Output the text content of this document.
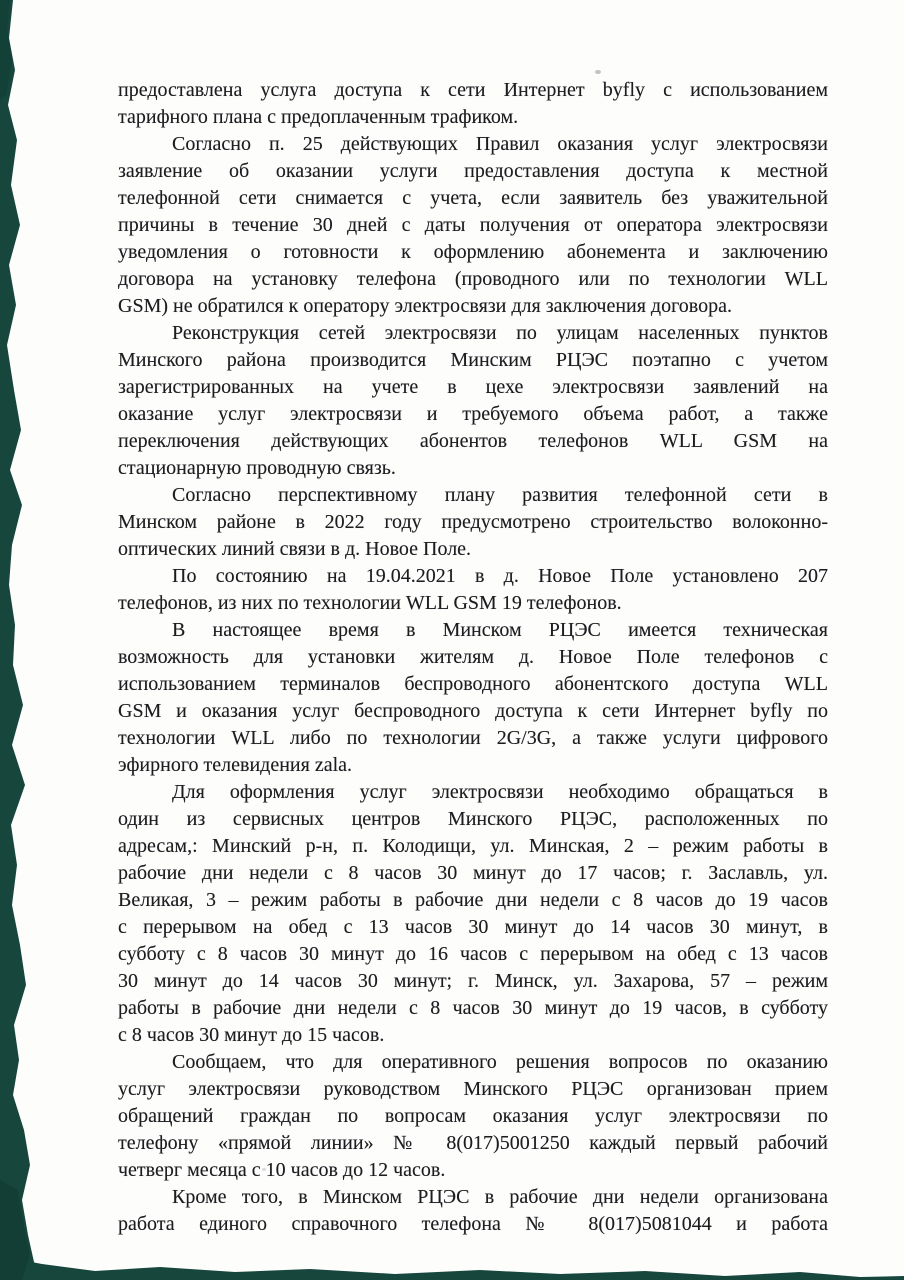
предоставлена услуга доступа к сети Интернет byfly с использованием
тарифного плана с предоплаченным трафиком.
Согласно п. 25 действующих Правил оказания услуг электросвязи
заявление об оказании услуги предоставления доступа к местной
телефонной сети снимается с учета, если заявитель без уважительной
причины в течение 30 дней с даты получения от оператора электросвязи
уведомления о готовности к оформлению абонемента и заключению
договора на установку телефона (проводного или по технологии WLL
GSM) не обратился к оператору электросвязи для заключения договора.
Реконструкция сетей электросвязи по улицам населенных пунктов
Минского района производится Минским РЦЭС поэтапно с учетом
зарегистрированных на учете в цехе электросвязи заявлений на
оказание услуг электросвязи и требуемого объема работ, а также
переключения действующих абонентов телефонов WLL GSM на
стационарную проводную связь.
Согласно перспективному плану развития телефонной сети в
Минском районе в 2022 году предусмотрено строительство волоконно-
оптических линий связи в д. Новое Поле.
По состоянию на 19.04.2021 в д. Новое Поле установлено 207
телефонов, из них по технологии WLL GSM 19 телефонов.
В настоящее время в Минском РЦЭС имеется техническая
возможность для установки жителям д. Новое Поле телефонов с
использованием терминалов беспроводного абонентского доступа WLL
GSM и оказания услуг беспроводного доступа к сети Интернет byfly по
технологии WLL либо по технологии 2G/3G, а также услуги цифрового
эфирного телевидения zala.
Для оформления услуг электросвязи необходимо обращаться в
один из сервисных центров Минского РЦЭС, расположенных по
адресам,: Минский р-н, п. Колодищи, ул. Минская, 2 – режим работы в
рабочие дни недели с 8 часов 30 минут до 17 часов; г. Заславль, ул.
Великая, 3 – режим работы в рабочие дни недели с 8 часов до 19 часов
с перерывом на обед с 13 часов 30 минут до 14 часов 30 минут, в
субботу с 8 часов 30 минут до 16 часов с перерывом на обед с 13 часов
30 минут до 14 часов 30 минут; г. Минск, ул. Захарова, 57 – режим
работы в рабочие дни недели с 8 часов 30 минут до 19 часов, в субботу
с 8 часов 30 минут до 15 часов.
Сообщаем, что для оперативного решения вопросов по оказанию
услуг электросвязи руководством Минского РЦЭС организован прием
обращений граждан по вопросам оказания услуг электросвязи по
телефону «прямой линии» № 8(017)5001250 каждый первый рабочий
четверг месяца с 10 часов до 12 часов.
Кроме того, в Минском РЦЭС в рабочие дни недели организована
работа единого справочного телефона № 8(017)5081044 и работа
